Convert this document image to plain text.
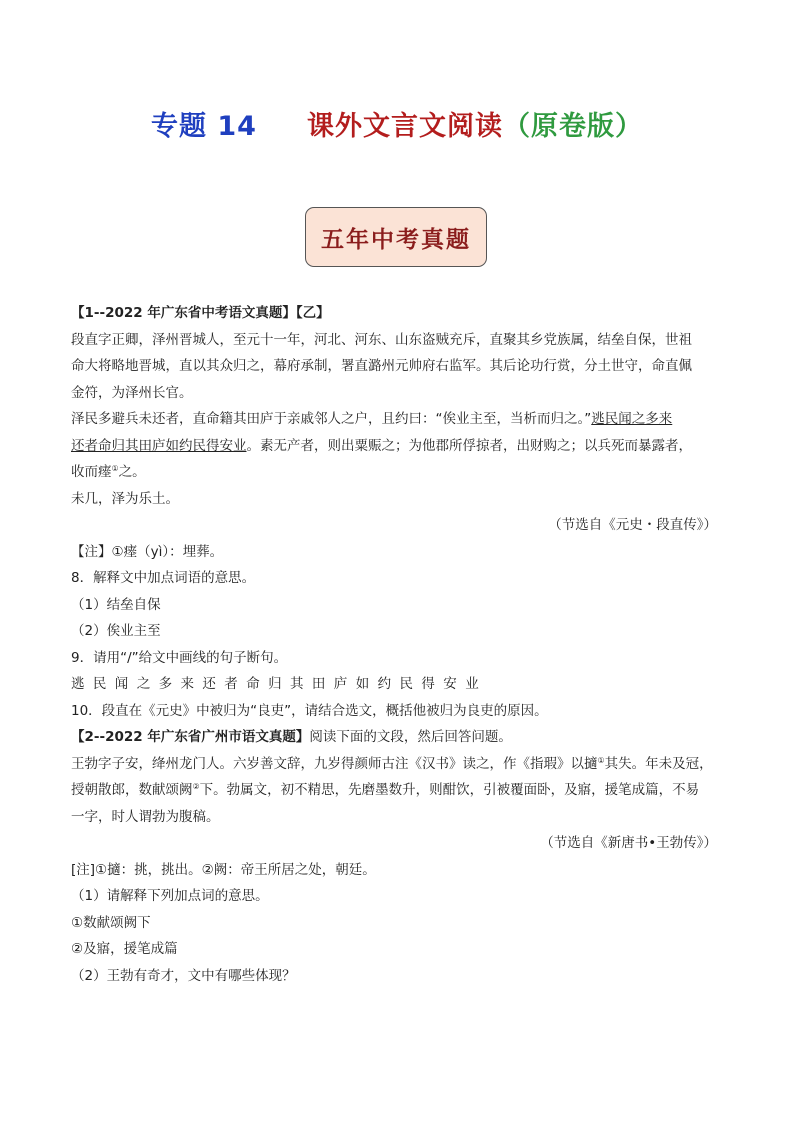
专题 14 课外文言文阅读（原卷版）
五年中考真题

【1--2022 年广东省中考语文真题】【乙】

段直字正卿，泽州晋城人，至元十一年，河北、河东、山东盗贼充斥，直聚其乡党族属，结垒自保，世祖

命大将略地晋城，直以其众归之，幕府承制，署直潞州元帅府右监军。其后论功行赏，分土世守，命直佩

金符，为泽州长官。

泽民多避兵未还者，直命籍其田庐于亲戚邻人之户，且约曰：“俟业主至，当析而归之。”逃民闻之多来

还者命归其田庐如约民得安业。素无产者，则出粟赈之；为他郡所俘掠者，出财购之；以兵死而暴露者，

收而瘗①之。

未几，泽为乐土。

（节选自《元史・段直传》）

【注】①瘗（yì）：埋葬。

8．解释文中加点词语的意思。

（1）结垒自保

（2）俟业主至

9．请用“/”给文中画线的句子断句。

逃民闻之多来还者命归其田庐如约民得安业

10．段直在《元史》中被归为“良吏”，请结合选文，概括他被归为良吏的原因。

【2--2022 年广东省广州市语文真题】阅读下面的文段，然后回答问题。

王勃字子安，绛州龙门人。六岁善文辞，九岁得颜师古注《汉书》读之，作《指瑕》以擿①其失。年未及冠，

授朝散郎，数献颂阙②下。勃属文，初不精思，先磨墨数升，则酣饮，引被覆面卧，及寤，援笔成篇，不易

一字，时人谓勃为腹稿。

（节选自《新唐书•王勃传》）

[注]①擿：挑，挑出。②阙：帝王所居之处，朝廷。

（1）请解释下列加点词的意思。

①数献颂阙下

②及寤，援笔成篇

（2）王勃有奇才，文中有哪些体现？
